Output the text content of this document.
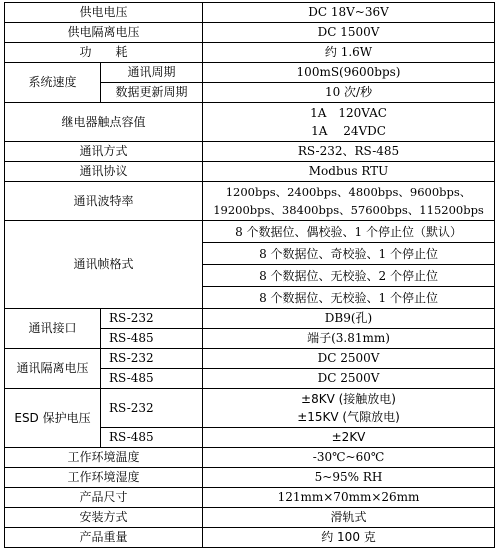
供电电压		DC 18V~36V
供电隔离电压		DC 1500V
功　　耗		约 1.6W
系统速度	通讯周期	100mS(9600bps)
	数据更新周期	10 次/秒
继电器触点容值		1A　120VAC
1A　 24VDC

通讯方式		RS-232、RS-485
通讯协议		Modbus RTU
通讯波特率		1200bps、2400bps、4800bps、9600bps、
19200bps、38400bps、57600bps、115200bps

通讯帧格式		8 个数据位、偶校验、1 个停止位（默认）
		8 个数据位、奇校验、1 个停止位
		8 个数据位、无校验、2 个停止位
		8 个数据位、无校验、1 个停止位
通讯接口	RS-232	DB9(孔)
	RS-485	端子(3.81mm)
通讯隔离电压	RS-232	DC 2500V
	RS-485	DC 2500V
ESD 保护电压	RS-232	±8KV (接触放电)
±15KV (气隙放电)

	RS-485	±2KV
工作环境温度		-30℃~60℃
工作环境湿度		5~95% RH
产品尺寸		121mm×70mm×26mm
安装方式		滑轨式
产品重量		约 100 克
